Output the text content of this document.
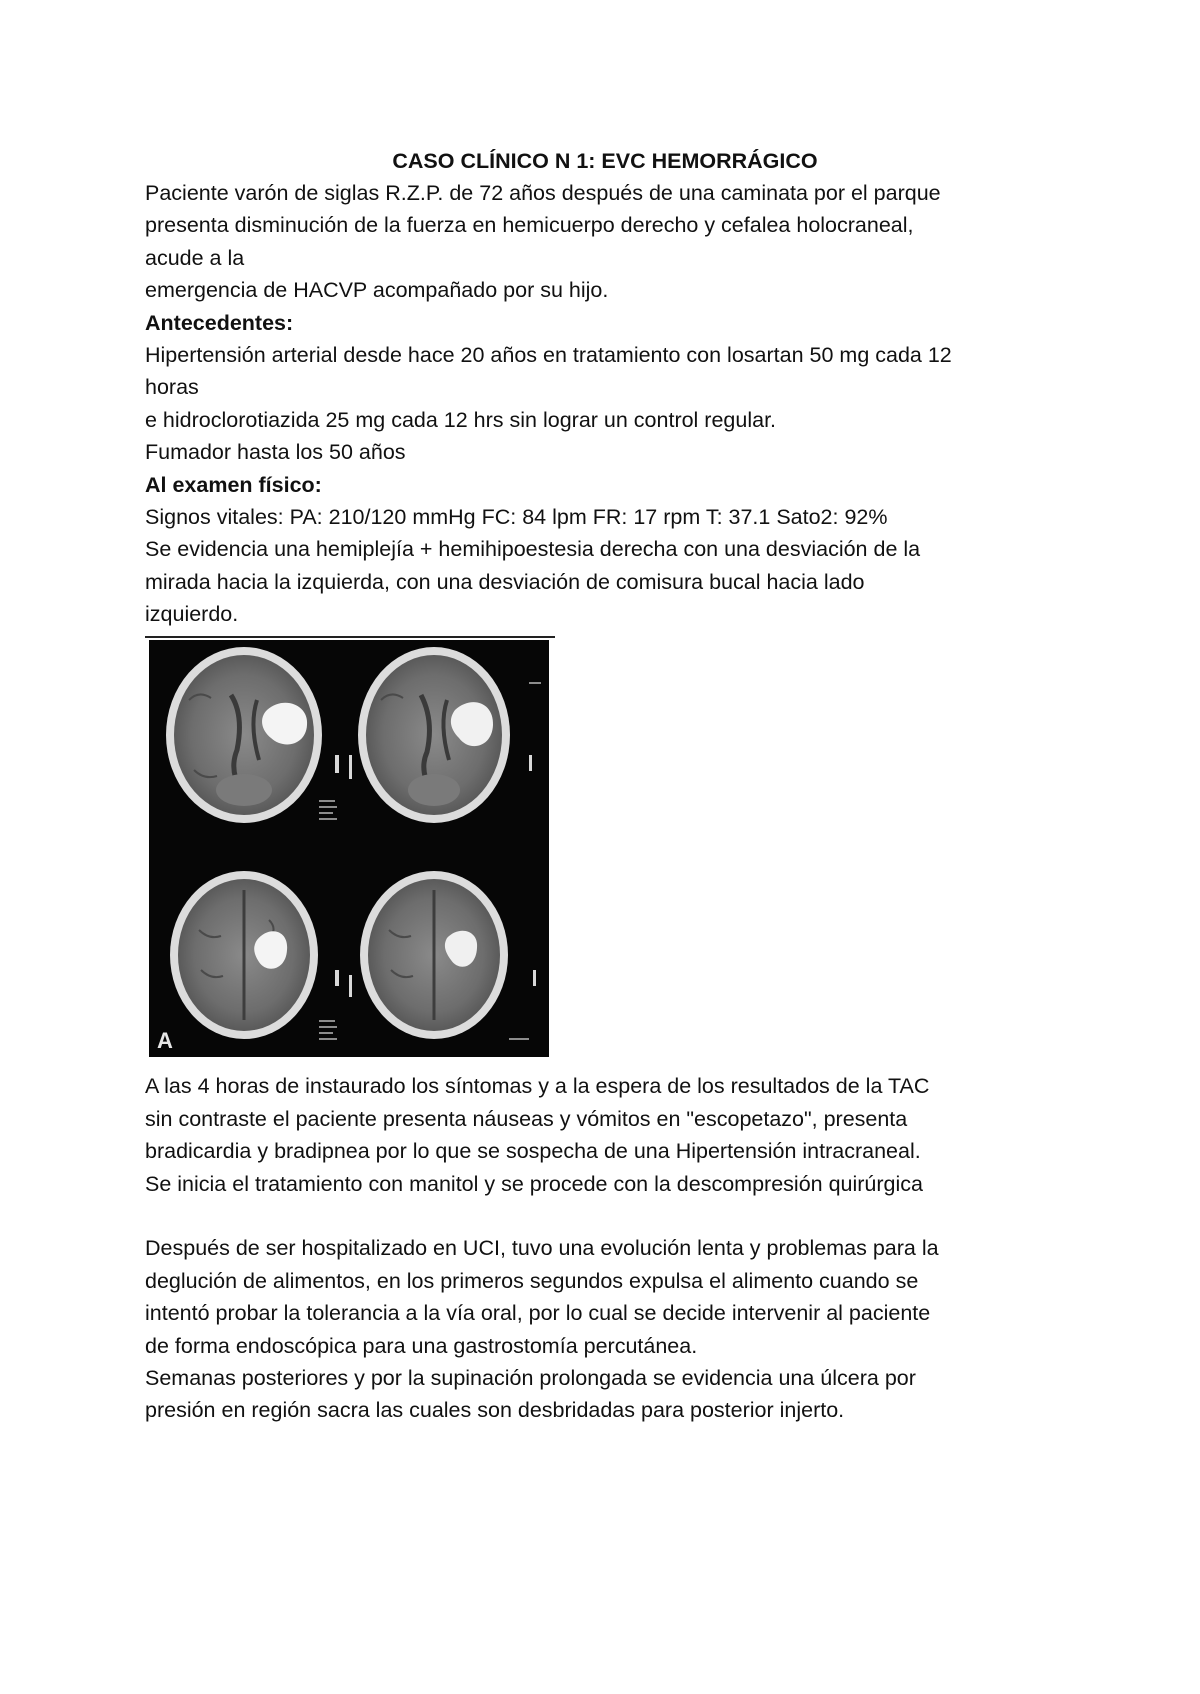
CASO CLÍNICO N 1: EVC HEMORRÁGICO
Paciente varón de siglas R.Z.P. de 72 años después de una caminata por el parque
presenta disminución de la fuerza en hemicuerpo derecho y cefalea holocraneal,
acude a la
emergencia de HACVP acompañado por su hijo.
Antecedentes:
Hipertensión arterial desde hace 20 años en tratamiento con losartan 50 mg cada 12
horas
e hidroclorotiazida 25 mg cada 12 hrs sin lograr un control regular.
Fumador hasta los 50 años
Al examen físico:
Signos vitales: PA: 210/120 mmHg FC: 84 lpm FR: 17 rpm T: 37.1 Sato2: 92%
Se evidencia una hemiplejía + hemihipoestesia derecha con una desviación de la
mirada hacia la izquierda, con una desviación de comisura bucal hacia lado
izquierdo.
A
A las 4 horas de instaurado los síntomas y a la espera de los resultados de la TAC
sin contraste el paciente presenta náuseas y vómitos en "escopetazo", presenta
bradicardia y bradipnea por lo que se sospecha de una Hipertensión intracraneal.
Se inicia el tratamiento con manitol y se procede con la descompresión quirúrgica
Después de ser hospitalizado en UCI, tuvo una evolución lenta y problemas para la
deglución de alimentos, en los primeros segundos expulsa el alimento cuando se
intentó probar la tolerancia a la vía oral, por lo cual se decide intervenir al paciente
de forma endoscópica para una gastrostomía percutánea.
Semanas posteriores y por la supinación prolongada se evidencia una úlcera por
presión en región sacra las cuales son desbridadas para posterior injerto.
